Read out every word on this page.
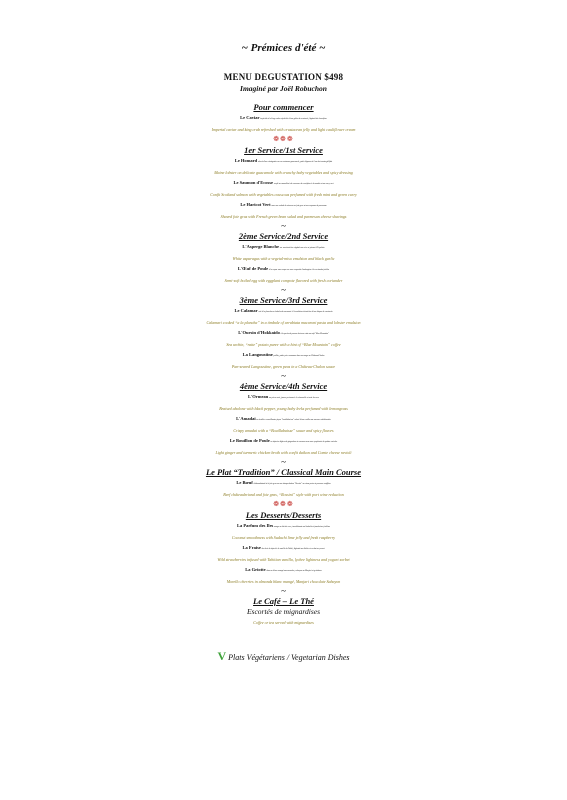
~ Prémices d'été ~
MENU DEGUSTATION $498
Imaginé par Joël Robuchon
Pour commencer
Le Caviar impérial et le king crabe rafraîchis d'une gelée de crustacés, légèreté de chou-fleur
Imperial caviar and king crab refreshed with crustacean jelly and light cauliflower cream
❁❁❁
1er Service/1st Service
Le Homard relevé d'une vinaigrette sur un onctueux guacamole, petits légumes à l'eau de tomate gélifiée
Maine lobster on delicate guacamole with crunchy baby vegetables and spicy dressing
Le Saumon d'Ecosse confit en cannelloni de couscous de crucifères à la menthe et au curry vert
Confit Scotland salmon with vegetables couscous perfumed with fresh mint and green curry
Le Haricot Vert avec une salade de mimosa au foie gras et aux copeaux de parmesan
Shaved foie gras with French green bean salad and parmesan cheese shavings
~
2ème Service/2nd Service
L'Asperge Blanche sur une émulsion végétale au miso et piment d'Espelette
White asparagus with a vegetal-miso emulsion and black garlic
L'Œuf de Poule à la coque sans coque sur une compotée d'aubergine à la coriandre fraîche
Semi-soft boiled egg with eggplant compote flavored with fresh coriander
~
3ème Service/3rd Service
Le Calamar cuit à la plancha en timbale de macaroni à l'arrabiata et émulsion d'une bisque de crustacés
Calamari cooked “a la plancha” in a timbale of arrabiata macaroni pasta and lobster emulsion
L'Oursin d'Hokkaido à la purée de pomme de terre ratte au café "Blue Mountain"
Sea urchin, “ratte” potato puree with a hint of “Blue Mountain” coffee
La Langoustine poêlée, petits pois nouveaux dans une nage au Château-Chalon
Pan-seared Langoustine, green peas in a Château-Chalon sauce
~
4ème Service/4th Service
L'Ormeau au poivre noir, jeunes poireaux à la citronnelle et noix de coco
Braised abalone with black pepper, young baby leeks perfumed with lemongrass
L'Amadai en écailles croustillantes façon "bouillabaisse" relevé d'une rouille aux saveurs méridionales
Crispy amadai with a “Bouillabaisse” sauce and spicy flavors
Le Bouillon de Poule en infusion légère de gingembre et curcuma avec une symphonie de petites ravioles
Light ginger and turmeric chicken broth with confit daikon and Comte cheese ravioli
~
Le Plat “Tradition” / Classical Main Course
Le Bœuf châteaubriand et le foie gras en une interprétation "Rossini" au vieux porto et pommes soufflées
Beef châteaubriand and foie gras, “Rossini” style with port wine reduction
❁❁❁
Les Desserts/Desserts
La Parfum des Iles nuage au lait de coco, tremblotante au Sudachi et framboises fraîches
Coconut smoothness with Sudachi lime jelly and fresh raspberry
La Fraise des bois de infusé à la vanille de Tahiti, légèreté aux litchis et sorbet au yaourt
Wild strawberries infused with Tahitian vanilla, lychee lightness and yogurt sorbet
La Griotte dans un blanc mangé aux amandes, sabayon au Manjari et griottines
Morello cherries in almonds blanc mangé, Manjari chocolate Sabayon
~
Le Café – Le Thé
Escortés de mignardises
Coffee or tea served with mignardises
V Plats Végétariens / Vegetarian Dishes
